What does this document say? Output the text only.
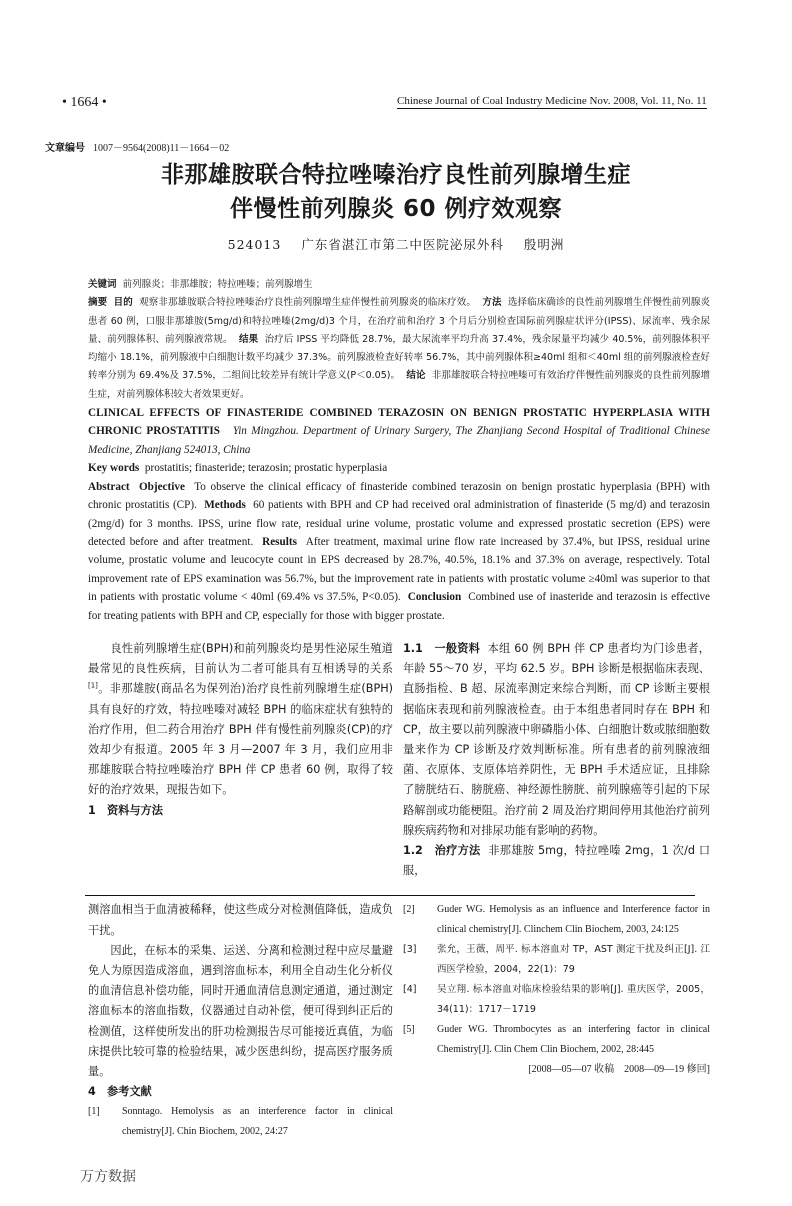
• 1664 •	Chinese Journal of Coal Industry Medicine Nov. 2008, Vol. 11, No. 11
文章编号 1007－9564(2008)11－1664－02
非那雄胺联合特拉唑嗪治疗良性前列腺增生症
伴慢性前列腺炎 60 例疗效观察
524013 广东省湛江市第二中医院泌尿外科 殷明洲
关键词 前列腺炎；非那雄胺；特拉唑嗪；前列腺增生
摘要 目的 观察非那雄胺联合特拉唑嗪治疗良性前列腺增生症伴慢性前列腺炎的临床疗效。 方法 选择临床确诊的良性前列腺增生伴慢性前列腺炎患者 60 例，口服非那雄胺(5mg/d)和特拉唑嗪(2mg/d)3 个月，在治疗前和治疗 3 个月后分别检查国际前列腺症状评分(IPSS)、尿流率、残余尿量、前列腺体积、前列腺液常规。 结果 治疗后 IPSS 平均降低 28.7%，最大尿流率平均升高 37.4%，残余尿量平均减少 40.5%，前列腺体积平均缩小 18.1%，前列腺液中白细胞计数平均减少 37.3%。前列腺液检查好转率 56.7%，其中前列腺体积≥40ml 组和＜40ml 组的前列腺液检查好转率分别为 69.4%及 37.5%，二组间比较差异有统计学意义(P＜0.05)。 结论 非那雄胺联合特拉唑嗪可有效治疗伴慢性前列腺炎的良性前列腺增生症，对前列腺体积较大者效果更好。
CLINICAL EFFECTS OF FINASTERIDE COMBINED TERAZOSIN ON BENIGN PROSTATIC HYPERPLASIA WITH CHRONIC PROSTATITIS Yin Mingzhou. Department of Urinary Surgery, The Zhanjiang Second Hospital of Traditional Chinese Medicine, Zhanjiang 524013, China
Key words prostatitis; finasteride; terazosin; prostatic hyperplasia
Abstract Objective To observe the clinical efficacy of finasteride combined terazosin on benign prostatic hyperplasia (BPH) with chronic prostatitis (CP). Methods 60 patients with BPH and CP had received oral administration of finasteride (5 mg/d) and terazosin (2mg/d) for 3 months. IPSS, urine flow rate, residual urine volume, prostatic volume and expressed prostatic secretion (EPS) were detected before and after treatment. Results After treatment, maximal urine flow rate increased by 37.4%, but IPSS, residual urine volume, prostatic volume and leucocyte count in EPS decreased by 28.7%, 40.5%, 18.1% and 37.3% on average, respectively. Total improvement rate of EPS examination was 56.7%, but the improvement rate in patients with prostatic volume ≥40ml was superior to that in patients with prostatic volume < 40ml (69.4% vs 37.5%, P<0.05). Conclusion Combined use of inasteride and terazosin is effective for treating patients with BPH and CP, especially for those with bigger prostate.
良性前列腺增生症(BPH)和前列腺炎均是男性泌尿生殖道最常见的良性疾病，目前认为二者可能具有互相诱导的关系[1]。非那雄胺(商品名为保列治)治疗良性前列腺增生症(BPH)具有良好的疗效，特拉唑嗪对减轻 BPH 的临床症状有独特的治疗作用，但二药合用治疗 BPH 伴有慢性前列腺炎(CP)的疗效却少有报道。2005 年 3 月—2007 年 3 月，我们应用非那雄胺联合特拉唑嗪治疗 BPH 伴 CP 患者 60 例，取得了较好的治疗效果，现报告如下。
1　资料与方法
1.1　一般资料 本组 60 例 BPH 伴 CP 患者均为门诊患者，年龄 55～70 岁，平均 62.5 岁。BPH 诊断是根据临床表现、直肠指检、B 超、尿流率测定来综合判断，而 CP 诊断主要根据临床表现和前列腺液检查。由于本组患者同时存在 BPH 和 CP，故主要以前列腺液中卵磷脂小体、白细胞计数或脓细胞数量来作为 CP 诊断及疗效判断标准。所有患者的前列腺液细菌、衣原体、支原体培养阴性，无 BPH 手术适应证，且排除了膀胱结石、膀胱癌、神经源性膀胱、前列腺癌等引起的下尿路解剖或功能梗阻。治疗前 2 周及治疗期间停用其他治疗前列腺疾病药物和对排尿功能有影响的药物。
1.2　治疗方法 非那雄胺 5mg，特拉唑嗪 2mg，1 次/d 口服，
测溶血相当于血清被稀释，使这些成分对检测值降低，造成负干扰。
因此，在标本的采集、运送、分离和检测过程中应尽量避免人为原因造成溶血，遇到溶血标本，利用全自动生化分析仪的血清信息补偿功能，同时开通血清信息测定通道，通过测定溶血标本的溶血指数，仪器通过自动补偿，便可得到纠正后的检测值，这样使所发出的肝功检测报告尽可能接近真值，为临床提供比较可靠的检验结果，减少医患纠纷，提高医疗服务质量。
4　参考文献
[1]	Sonntago. Hemolysis as an interference factor in clinical chemistry[J]. Chin Biochem, 2002, 24:27
[2]	Guder WG. Hemolysis as an influence and Interference factor in clinical chemistry[J]. Clinchem Clin Biochem, 2003, 24:125
[3]	张允，王薇，周平. 标本溶血对 TP，AST 测定干扰及纠正[J]. 江西医学检验，2004，22(1)：79
[4]	吴立翔. 标本溶血对临床检验结果的影响[J]. 重庆医学，2005，34(11)：1717－1719
[5]	Guder WG. Thrombocytes as an interfering factor in clinical Chemistry[J]. Clin Chem Clin Biochem, 2002, 28:445
[2008—05—07 收稿　2008—09—19 修回]
万方数据
